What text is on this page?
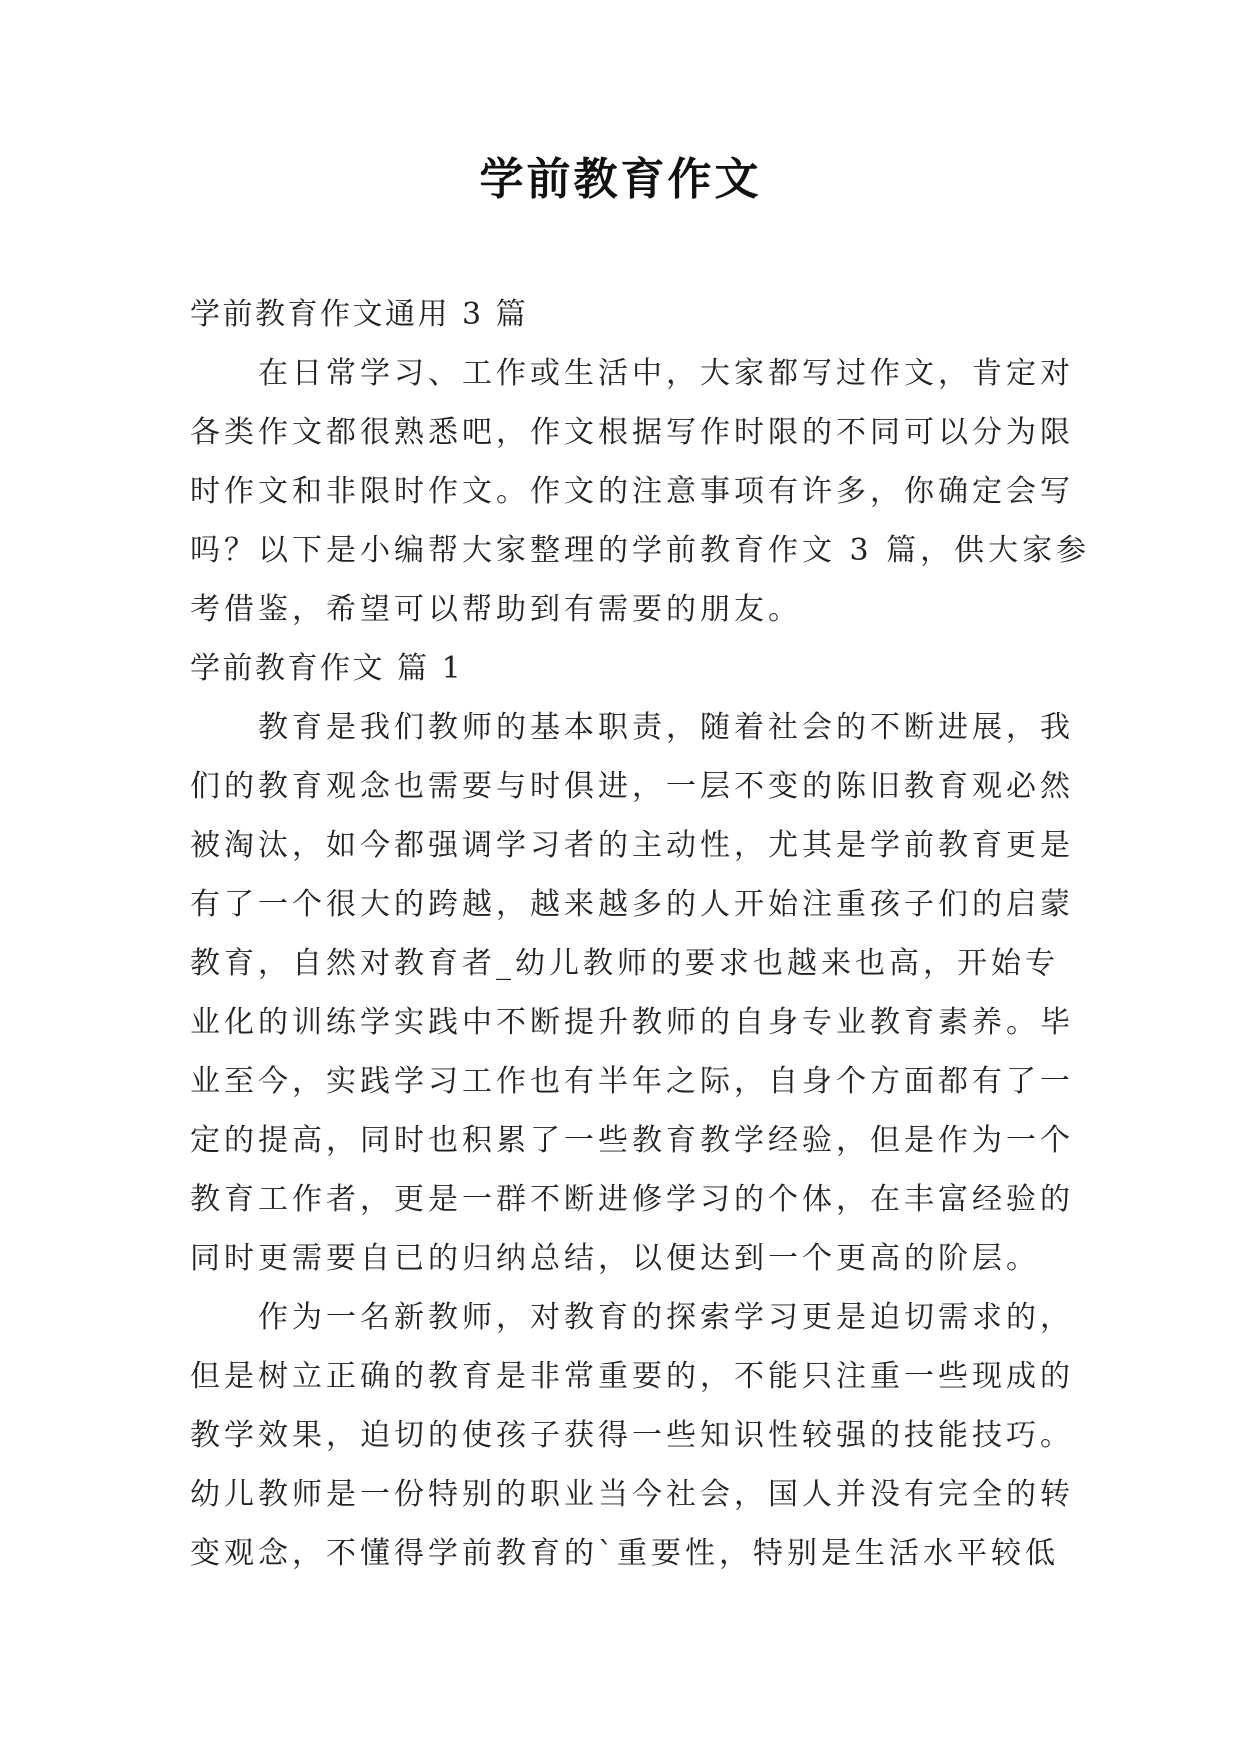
学前教育作文
学前教育作文通用 3 篇
在日常学习、工作或生活中，大家都写过作文，肯定对
各类作文都很熟悉吧，作文根据写作时限的不同可以分为限
时作文和非限时作文。作文的注意事项有许多，你确定会写
吗？以下是小编帮大家整理的学前教育作文 3 篇，供大家参
考借鉴，希望可以帮助到有需要的朋友。
学前教育作文 篇 1
教育是我们教师的基本职责，随着社会的不断进展，我
们的教育观念也需要与时俱进，一层不变的陈旧教育观必然
被淘汰，如今都强调学习者的主动性，尤其是学前教育更是
有了一个很大的跨越，越来越多的人开始注重孩子们的启蒙
教育，自然对教育者_幼儿教师的要求也越来也高，开始专
业化的训练学实践中不断提升教师的自身专业教育素养。毕
业至今，实践学习工作也有半年之际，自身个方面都有了一
定的提高，同时也积累了一些教育教学经验，但是作为一个
教育工作者，更是一群不断进修学习的个体，在丰富经验的
同时更需要自已的归纳总结，以便达到一个更高的阶层。
作为一名新教师，对教育的探索学习更是迫切需求的，
但是树立正确的教育是非常重要的，不能只注重一些现成的
教学效果，迫切的使孩子获得一些知识性较强的技能技巧。
幼儿教师是一份特别的职业当今社会，国人并没有完全的转
变观念，不懂得学前教育的`重要性，特别是生活水平较低
